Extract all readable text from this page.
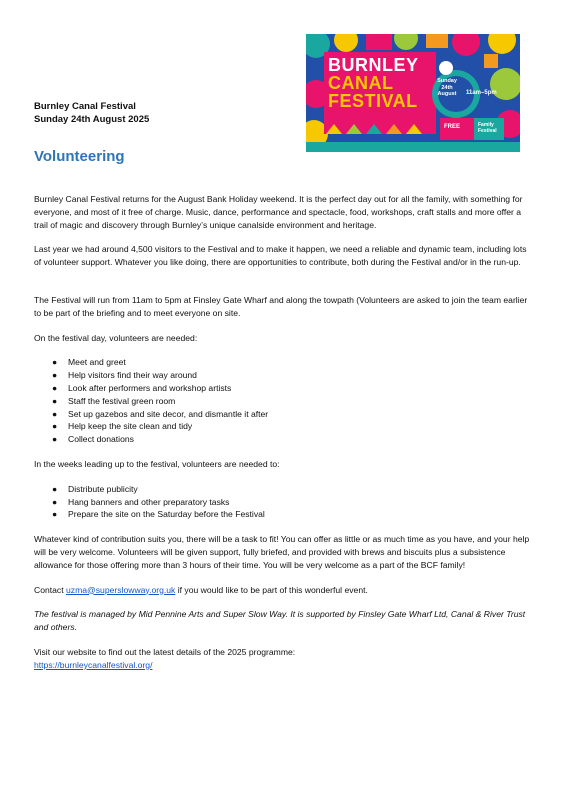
Burnley Canal Festival
Sunday 24th August 2025
BURNLEY
CANAL
FESTIVAL
Sunday
24th
August	11am–5pm
FREE	Family
Festival
Volunteering

Burnley Canal Festival returns for the August Bank Holiday weekend. It is the perfect day out for all the family, with something for everyone, and most of it free of charge. Music, dance, performance and spectacle, food, workshops, craft stalls and more offer a trail of magic and discovery through Burnley’s unique canalside environment and heritage.

Last year we had around 4,500 visitors to the Festival and to make it happen, we need a reliable and dynamic team, including lots of volunteer support. Whatever you like doing, there are opportunities to contribute, both during the Festival and/or in the run-up.

The Festival will run from 11am to 5pm at Finsley Gate Wharf and along the towpath (Volunteers are asked to join the team earlier to be part of the briefing and to meet everyone on site.

On the festival day, volunteers are needed:

● Meet and greet
● Help visitors find their way around
● Look after performers and workshop artists
● Staff the festival green room
● Set up gazebos and site decor, and dismantle it after
● Help keep the site clean and tidy
● Collect donations

In the weeks leading up to the festival, volunteers are needed to:

● Distribute publicity
● Hang banners and other preparatory tasks
● Prepare the site on the Saturday before the Festival

Whatever kind of contribution suits you, there will be a task to fit! You can offer as little or as much time as you have, and your help will be very welcome. Volunteers will be given support, fully briefed, and provided with brews and biscuits plus a subsistence allowance for those offering more than 3 hours of their time. You will be very welcome as a part of the BCF family!

Contact uzma@superslowway.org.uk if you would like to be part of this wonderful event.

The festival is managed by Mid Pennine Arts and Super Slow Way. It is supported by Finsley Gate Wharf Ltd, Canal & River Trust and others.

Visit our website to find out the latest details of the 2025 programme:

https://burnleycanalfestival.org/
